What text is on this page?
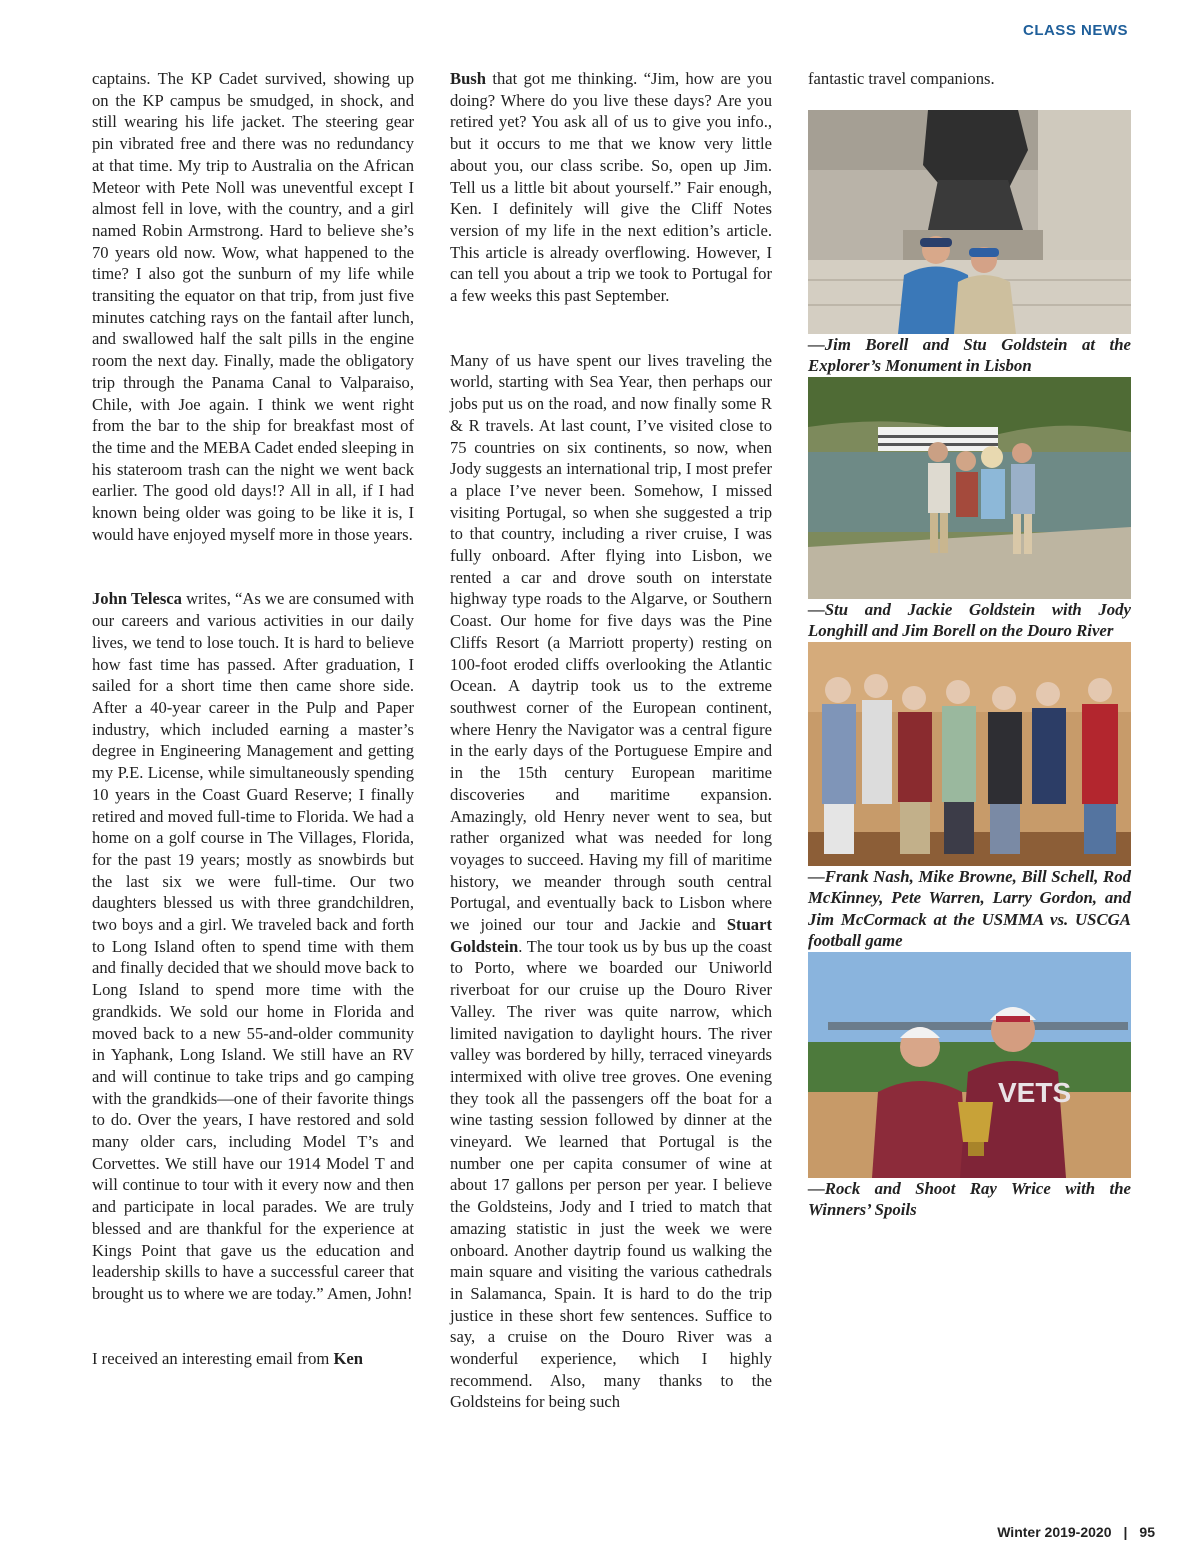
CLASS NEWS

captains. The KP Cadet survived, showing up on the KP campus be smudged, in shock, and still wearing his life jacket. The steering gear pin vibrated free and there was no redundancy at that time. My trip to Australia on the African Meteor with Pete Noll was uneventful except I almost fell in love, with the country, and a girl named Robin Armstrong. Hard to believe she’s 70 years old now. Wow, what happened to the time? I also got the sunburn of my life while transiting the equator on that trip, from just five minutes catching rays on the fantail after lunch, and swallowed half the salt pills in the engine room the next day. Finally, made the obligatory trip through the Panama Canal to Valparaiso, Chile, with Joe again. I think we went right from the bar to the ship for breakfast most of the time and the MEBA Cadet ended sleeping in his stateroom trash can the night we went back earlier. The good old days!? All in all, if I had known being older was going to be like it is, I would have enjoyed myself more in those years.

John Telesca writes, “As we are consumed with our careers and various activities in our daily lives, we tend to lose touch. It is hard to believe how fast time has passed. After graduation, I sailed for a short time then came shore side. After a 40-year career in the Pulp and Paper industry, which included earning a master’s degree in Engineering Management and getting my P.E. License, while simultaneously spending 10 years in the Coast Guard Reserve; I finally retired and moved full-time to Florida. We had a home on a golf course in The Villages, Florida, for the past 19 years; mostly as snowbirds but the last six we were full-time. Our two daughters blessed us with three grandchildren, two boys and a girl. We traveled back and forth to Long Island often to spend time with them and finally decided that we should move back to Long Island to spend more time with the grandkids. We sold our home in Florida and moved back to a new 55-and-older community in Yaphank, Long Island. We still have an RV and will continue to take trips and go camping with the grandkids—one of their favorite things to do. Over the years, I have restored and sold many older cars, including Model T’s and Corvettes. We still have our 1914 Model T and will continue to tour with it every now and then and participate in local parades. We are truly blessed and are thankful for the experience at Kings Point that gave us the education and leadership skills to have a successful career that brought us to where we are today.” Amen, John!

I received an interesting email from Ken

Bush that got me thinking. “Jim, how are you doing? Where do you live these days? Are you retired yet? You ask all of us to give you info., but it occurs to me that we know very little about you, our class scribe. So, open up Jim. Tell us a little bit about yourself.” Fair enough, Ken. I definitely will give the Cliff Notes version of my life in the next edition’s article. This article is already overflowing. However, I can tell you about a trip we took to Portugal for a few weeks this past September.

Many of us have spent our lives traveling the world, starting with Sea Year, then perhaps our jobs put us on the road, and now finally some R & R travels. At last count, I’ve visited close to 75 countries on six continents, so now, when Jody suggests an international trip, I most prefer a place I’ve never been. Somehow, I missed visiting Portugal, so when she suggested a trip to that country, including a river cruise, I was fully onboard. After flying into Lisbon, we rented a car and drove south on interstate highway type roads to the Algarve, or Southern Coast. Our home for five days was the Pine Cliffs Resort (a Marriott property) resting on 100-foot eroded cliffs overlooking the Atlantic Ocean. A daytrip took us to the extreme southwest corner of the European continent, where Henry the Navigator was a central figure in the early days of the Portuguese Empire and in the 15th century European maritime discoveries and maritime expansion. Amazingly, old Henry never went to sea, but rather organized what was needed for long voyages to succeed. Having my fill of maritime history, we meander through south central Portugal, and eventually back to Lisbon where we joined our tour and Jackie and Stuart Goldstein. The tour took us by bus up the coast to Porto, where we boarded our Uniworld riverboat for our cruise up the Douro River Valley. The river was quite narrow, which limited navigation to daylight hours. The river valley was bordered by hilly, terraced vineyards intermixed with olive tree groves. One evening they took all the passengers off the boat for a wine tasting session followed by dinner at the vineyard. We learned that Portugal is the number one per capita consumer of wine at about 17 gallons per person per year. I believe the Goldsteins, Jody and I tried to match that amazing statistic in just the week we were onboard. Another daytrip found us walking the main square and visiting the various cathedrals in Salamanca, Spain. It is hard to do the trip justice in these short few sentences. Suffice to say, a cruise on the Douro River was a wonderful experience, which I highly recommend. Also, many thanks to the Goldsteins for being such

fantastic travel companions.

—Jim Borell and Stu Goldstein at the Explorer’s Monument in Lisbon

—Stu and Jackie Goldstein with Jody Longhill and Jim Borell on the Douro River

—Frank Nash, Mike Browne, Bill Schell, Rod McKinney, Pete Warren, Larry Gordon, and Jim McCormack at the USMMA vs. USCGA football game

VETS

—Rock and Shoot Ray Wrice with the Winners’ Spoils

Winter 2019-2020 | 95
